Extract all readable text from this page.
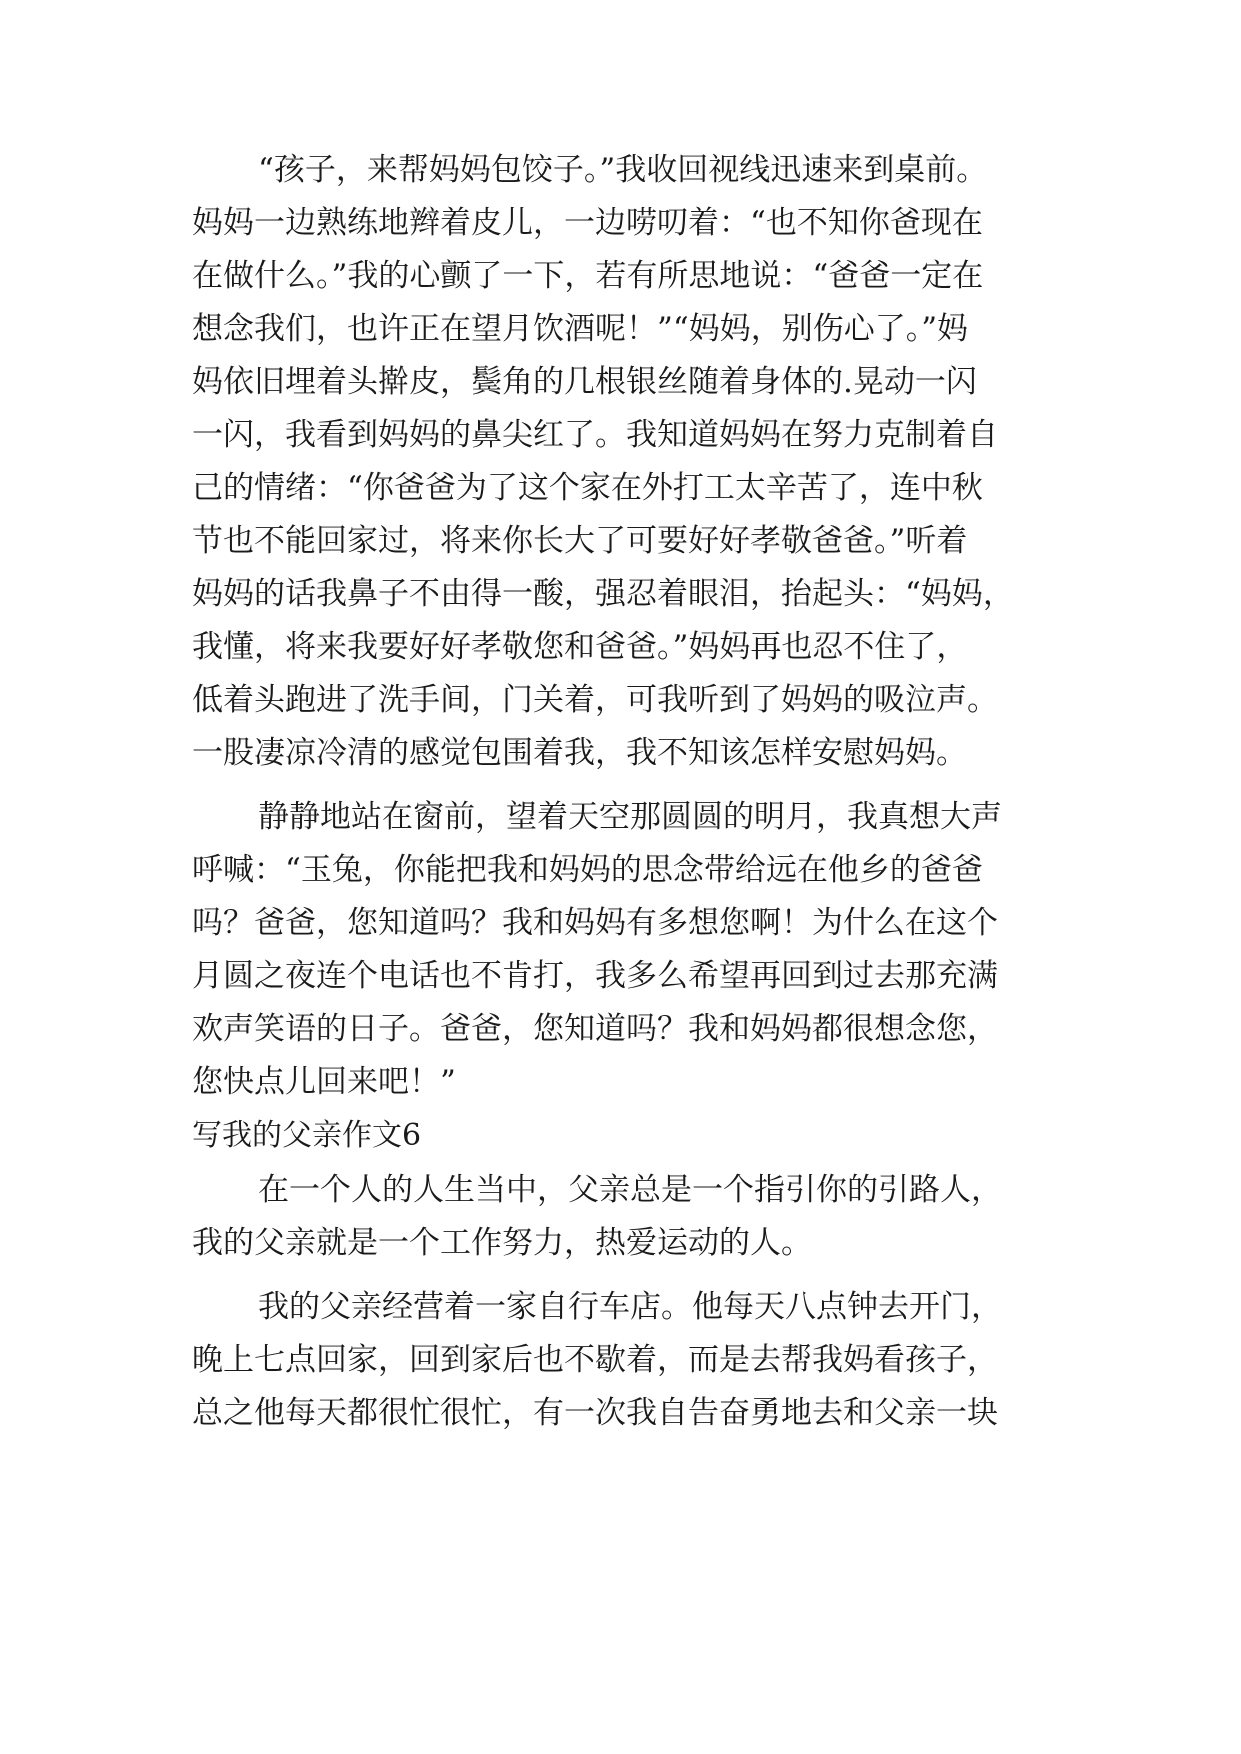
“孩子，来帮妈妈包饺子。”我收回视线迅速来到桌前。
妈妈一边熟练地辫着皮儿，一边唠叨着：“也不知你爸现在
在做什么。”我的心颤了一下，若有所思地说：“爸爸一定在
想念我们，也许正在望月饮酒呢！”“妈妈，别伤心了。”妈
妈依旧埋着头擀皮，鬓角的几根银丝随着身体的.晃动一闪
一闪，我看到妈妈的鼻尖红了。我知道妈妈在努力克制着自
己的情绪：“你爸爸为了这个家在外打工太辛苦了，连中秋
节也不能回家过，将来你长大了可要好好孝敬爸爸。”听着
妈妈的话我鼻子不由得一酸，强忍着眼泪，抬起头：“妈妈，
我懂，将来我要好好孝敬您和爸爸。”妈妈再也忍不住了，
低着头跑进了洗手间，门关着，可我听到了妈妈的吸泣声。
一股凄凉冷清的感觉包围着我，我不知该怎样安慰妈妈。
静静地站在窗前，望着天空那圆圆的明月，我真想大声
呼喊：“玉兔，你能把我和妈妈的思念带给远在他乡的爸爸
吗？爸爸，您知道吗？我和妈妈有多想您啊！为什么在这个
月圆之夜连个电话也不肯打，我多么希望再回到过去那充满
欢声笑语的日子。爸爸，您知道吗？我和妈妈都很想念您，
您快点儿回来吧！”
写我的父亲作文6
在一个人的人生当中，父亲总是一个指引你的引路人，
我的父亲就是一个工作努力，热爱运动的人。
我的父亲经营着一家自行车店。他每天八点钟去开门，
晚上七点回家，回到家后也不歇着，而是去帮我妈看孩子，
总之他每天都很忙很忙，有一次我自告奋勇地去和父亲一块
